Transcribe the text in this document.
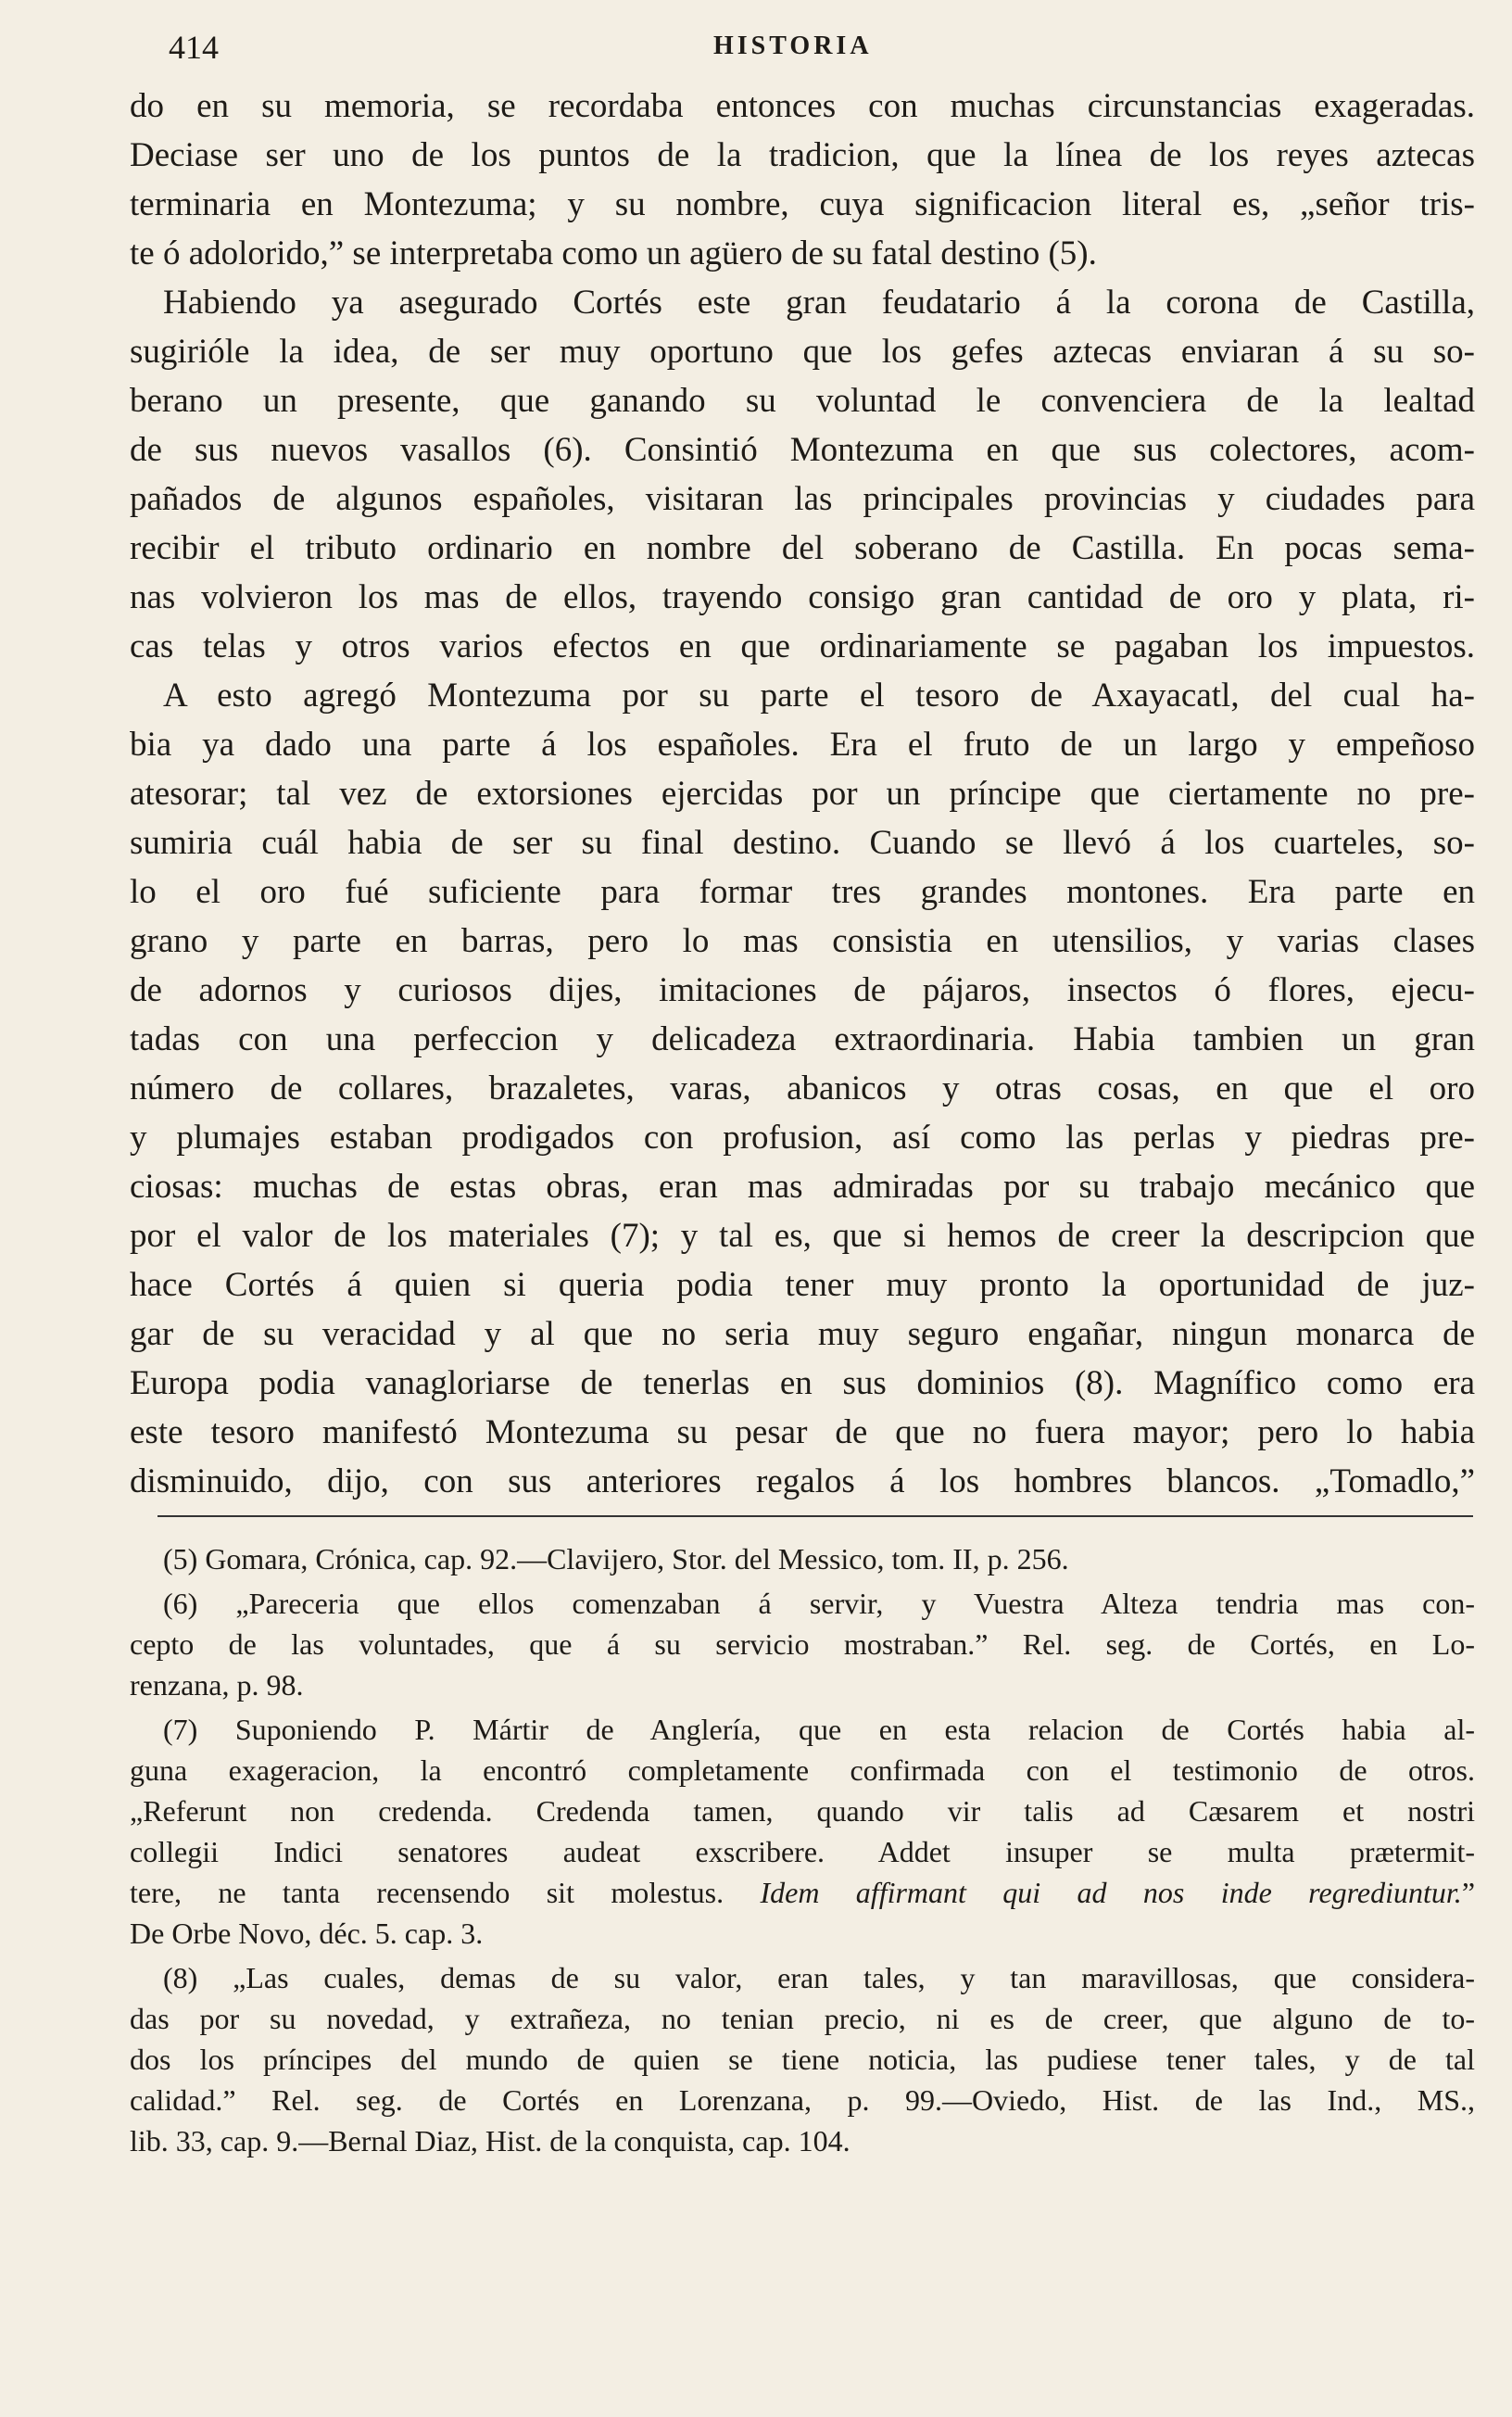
414	HISTORIA
do en su memoria, se recordaba entonces con muchas circunstancias exageradas.
Deciase ser uno de los puntos de la tradicion, que la línea de los reyes aztecas
terminaria en Montezuma; y su nombre, cuya significacion literal es, „señor tris-
te ó adolorido,” se interpretaba como un agüero de su fatal destino (5).
Habiendo ya asegurado Cortés este gran feudatario á la corona de Castilla,
sugirióle la idea, de ser muy oportuno que los gefes aztecas enviaran á su so-
berano un presente, que ganando su voluntad le convenciera de la lealtad
de sus nuevos vasallos (6). Consintió Montezuma en que sus colectores, acom-
pañados de algunos españoles, visitaran las principales provincias y ciudades para
recibir el tributo ordinario en nombre del soberano de Castilla. En pocas sema-
nas volvieron los mas de ellos, trayendo consigo gran cantidad de oro y plata, ri-
cas telas y otros varios efectos en que ordinariamente se pagaban los impuestos.
A esto agregó Montezuma por su parte el tesoro de Axayacatl, del cual ha-
bia ya dado una parte á los españoles. Era el fruto de un largo y empeñoso
atesorar; tal vez de extorsiones ejercidas por un príncipe que ciertamente no pre-
sumiria cuál habia de ser su final destino. Cuando se llevó á los cuarteles, so-
lo el oro fué suficiente para formar tres grandes montones. Era parte en
grano y parte en barras, pero lo mas consistia en utensilios, y varias clases
de adornos y curiosos dijes, imitaciones de pájaros, insectos ó flores, ejecu-
tadas con una perfeccion y delicadeza extraordinaria. Habia tambien un gran
número de collares, brazaletes, varas, abanicos y otras cosas, en que el oro
y plumajes estaban prodigados con profusion, así como las perlas y piedras pre-
ciosas: muchas de estas obras, eran mas admiradas por su trabajo mecánico que
por el valor de los materiales (7); y tal es, que si hemos de creer la descripcion que
hace Cortés á quien si queria podia tener muy pronto la oportunidad de juz-
gar de su veracidad y al que no seria muy seguro engañar, ningun monarca de
Europa podia vanagloriarse de tenerlas en sus dominios (8). Magnífico como era
este tesoro manifestó Montezuma su pesar de que no fuera mayor; pero lo habia
disminuido, dijo, con sus anteriores regalos á los hombres blancos. „Tomadlo,”
(5) Gomara, Crónica, cap. 92.—Clavijero, Stor. del Messico, tom. II, p. 256.
(6) „Pareceria que ellos comenzaban á servir, y Vuestra Alteza tendria mas con-
cepto de las voluntades, que á su servicio mostraban.” Rel. seg. de Cortés, en Lo-
renzana, p. 98.
(7) Suponiendo P. Mártir de Anglería, que en esta relacion de Cortés habia al-
guna exageracion, la encontró completamente confirmada con el testimonio de otros.
„Referunt non credenda. Credenda tamen, quando vir talis ad Cæsarem et nostri
collegii Indici senatores audeat exscribere. Addet insuper se multa prætermit-
tere, ne tanta recensendo sit molestus. Idem affirmant qui ad nos inde regrediuntur.”
De Orbe Novo, déc. 5. cap. 3.
(8) „Las cuales, demas de su valor, eran tales, y tan maravillosas, que considera-
das por su novedad, y extrañeza, no tenian precio, ni es de creer, que alguno de to-
dos los príncipes del mundo de quien se tiene noticia, las pudiese tener tales, y de tal
calidad.” Rel. seg. de Cortés en Lorenzana, p. 99.—Oviedo, Hist. de las Ind., MS.,
lib. 33, cap. 9.—Bernal Diaz, Hist. de la conquista, cap. 104.
